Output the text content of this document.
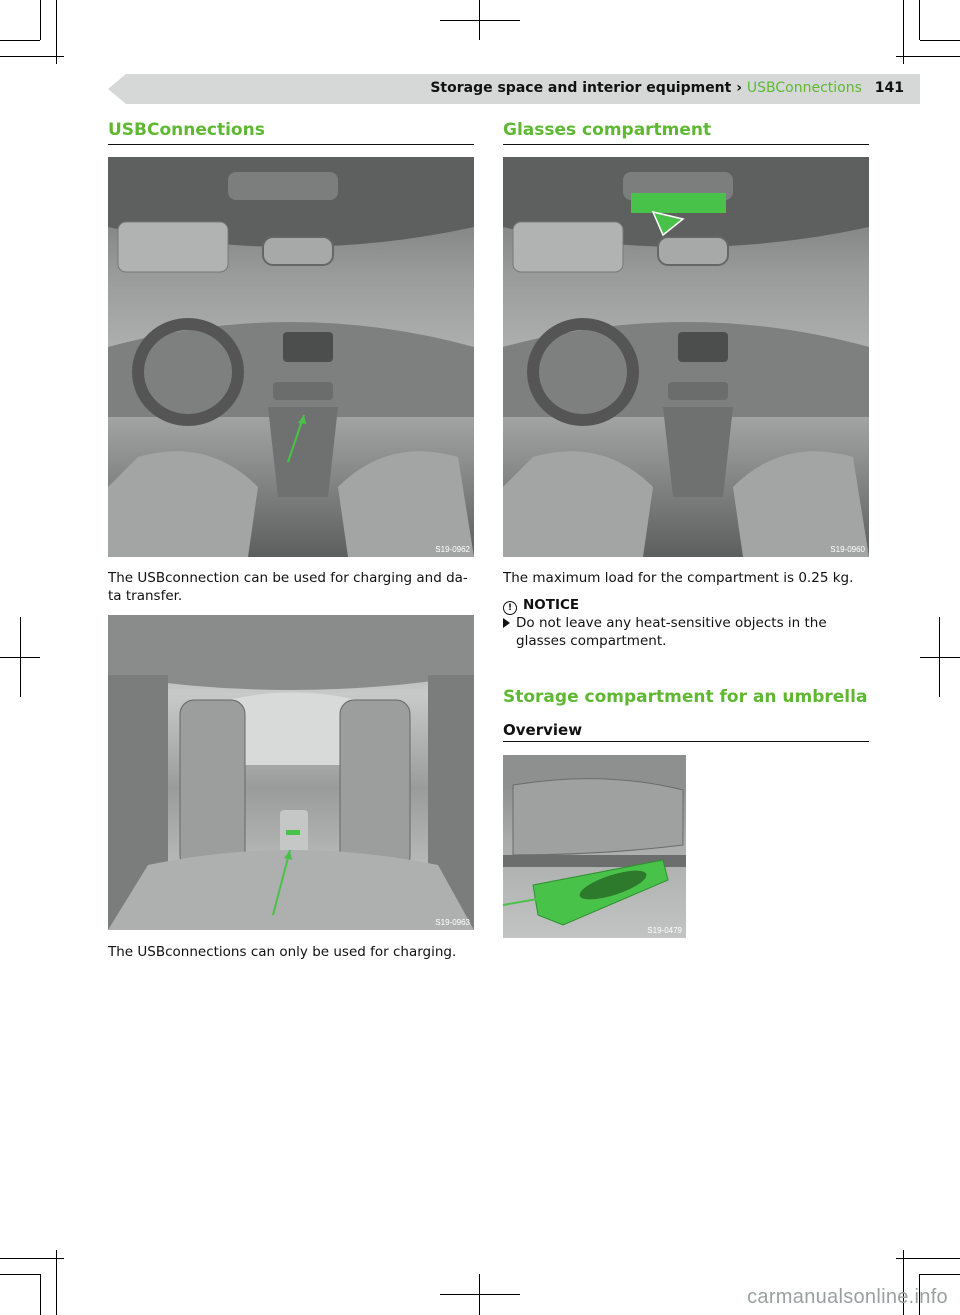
Storage space and interior equipment › USBConnections 141
USBConnections
S19-0962

The USBconnection can be used for charging and da-ta transfer.

S19-0963

The USBconnections can only be used for charging.

Glasses compartment
S19-0960

The maximum load for the compartment is 0.25 kg.

! NOTICE
Do not leave any heat-sensitive objects in the glasses compartment.
Storage compartment for an umbrella
Overview
S19-0479
carmanualsonline.info
